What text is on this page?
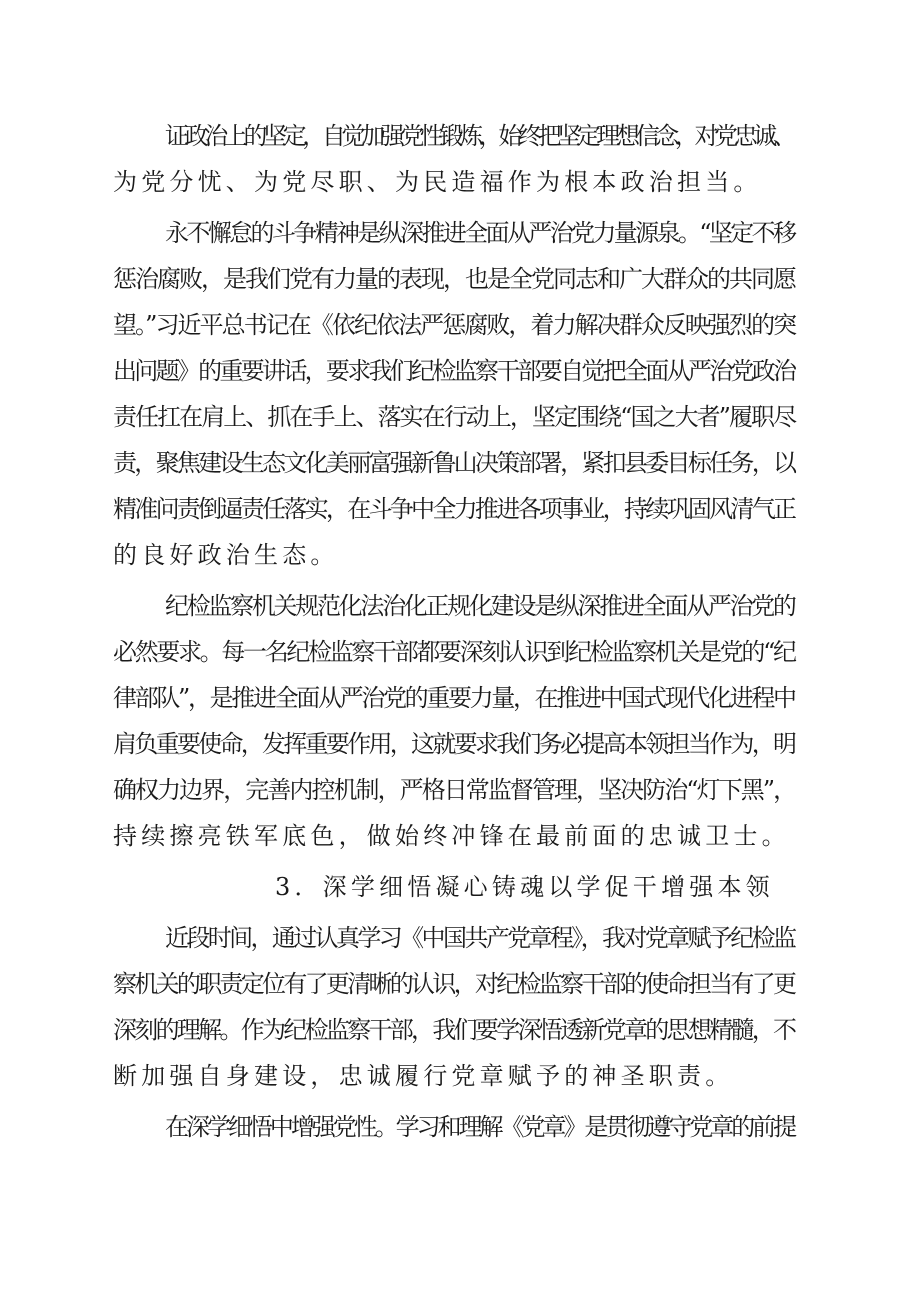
证政治上的坚定，自觉加强党性锻炼，始终把坚定理想信念，对党忠诚、
为党分忧、为党尽职、为民造福作为根本政治担当。
永不懈怠的斗争精神是纵深推进全面从严治党力量源泉。“坚定不移
惩治腐败，是我们党有力量的表现，也是全党同志和广大群众的共同愿
望。”习近平总书记在《依纪依法严惩腐败，着力解决群众反映强烈的突
出问题》的重要讲话，要求我们纪检监察干部要自觉把全面从严治党政治
责任扛在肩上、抓在手上、落实在行动上，坚定围绕“国之大者”履职尽
责，聚焦建设生态文化美丽富强新鲁山决策部署，紧扣县委目标任务，以
精准问责倒逼责任落实，在斗争中全力推进各项事业，持续巩固风清气正
的良好政治生态。
纪检监察机关规范化法治化正规化建设是纵深推进全面从严治党的
必然要求。每一名纪检监察干部都要深刻认识到纪检监察机关是党的“纪
律部队”，是推进全面从严治党的重要力量，在推进中国式现代化进程中
肩负重要使命，发挥重要作用，这就要求我们务必提高本领担当作为，明
确权力边界，完善内控机制，严格日常监督管理，坚决防治“灯下黑”，
持续擦亮铁军底色，做始终冲锋在最前面的忠诚卫士。
3．深学细悟凝心铸魂以学促干增强本领
近段时间，通过认真学习《中国共产党章程》，我对党章赋予纪检监
察机关的职责定位有了更清晰的认识，对纪检监察干部的使命担当有了更
深刻的理解。作为纪检监察干部，我们要学深悟透新党章的思想精髓，不
断加强自身建设，忠诚履行党章赋予的神圣职责。
在深学细悟中增强党性。学习和理解《党章》是贯彻遵守党章的前提
